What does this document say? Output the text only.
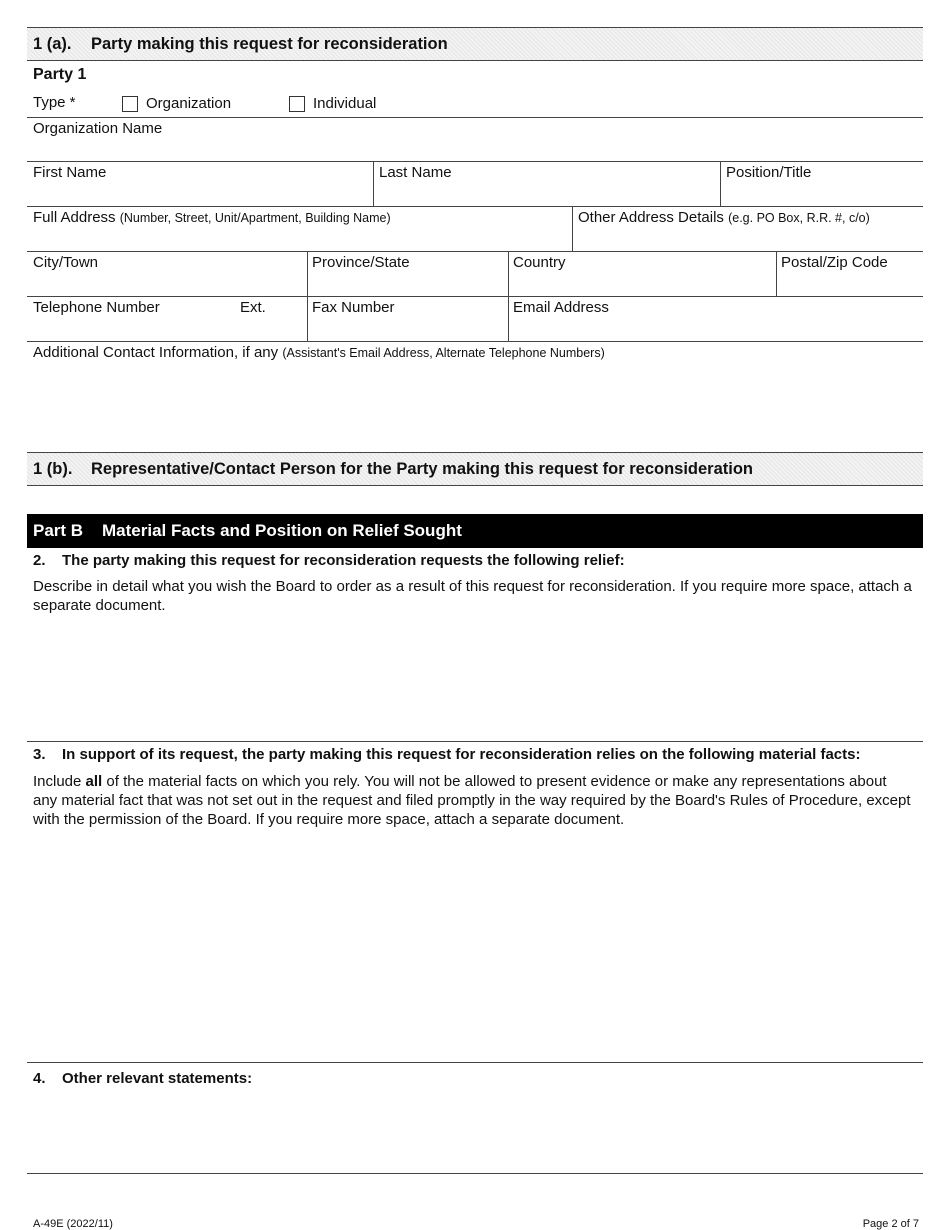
1 (a). Party making this request for reconsideration
Party 1
Type *	Organization	Individual
Organization Name
First Name	Last Name	Position/Title
Full Address (Number, Street, Unit/Apartment, Building Name)	Other Address Details (e.g. PO Box, R.R. #, c/o)
City/Town	Province/State	Country	Postal/Zip Code
Telephone Number	Ext.	Fax Number	Email Address
Additional Contact Information, if any (Assistant's Email Address, Alternate Telephone Numbers)
1 (b). Representative/Contact Person for the Party making this request for reconsideration
Part B Material Facts and Position on Relief Sought
2. The party making this request for reconsideration requests the following relief:
Describe in detail what you wish the Board to order as a result of this request for reconsideration. If you require more space, attach a separate document.
3. In support of its request, the party making this request for reconsideration relies on the following material facts:
Include all of the material facts on which you rely. You will not be allowed to present evidence or make any representations about any material fact that was not set out in the request and filed promptly in the way required by the Board's Rules of Procedure, except with the permission of the Board. If you require more space, attach a separate document.
4. Other relevant statements:
A-49E (2022/11)	Page 2 of 7
